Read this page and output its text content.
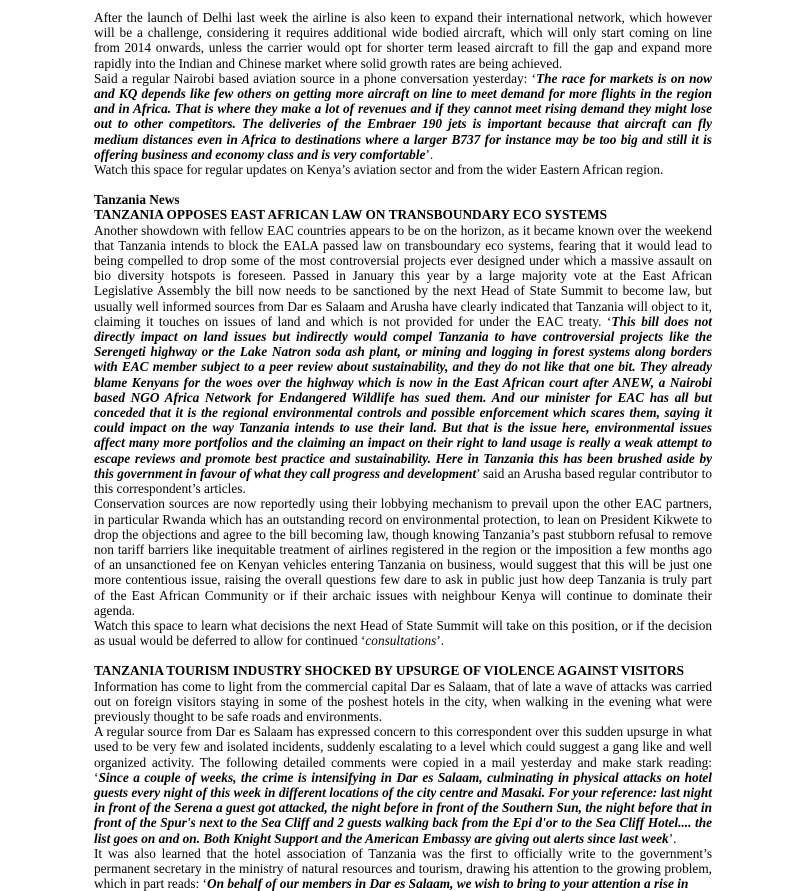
After the launch of Delhi last week the airline is also keen to expand their international network, which however will be a challenge, considering it requires additional wide bodied aircraft, which will only start coming on line from 2014 onwards, unless the carrier would opt for shorter term leased aircraft to fill the gap and expand more rapidly into the Indian and Chinese market where solid growth rates are being achieved.

Said a regular Nairobi based aviation source in a phone conversation yesterday: ‘The race for markets is on now and KQ depends like few others on getting more aircraft on line to meet demand for more flights in the region and in Africa. That is where they make a lot of revenues and if they cannot meet rising demand they might lose out to other competitors. The deliveries of the Embraer 190 jets is important because that aircraft can fly medium distances even in Africa to destinations where a larger B737 for instance may be too big and still it is offering business and economy class and is very comfortable’.

Watch this space for regular updates on Kenya’s aviation sector and from the wider Eastern African region.

Tanzania News

TANZANIA OPPOSES EAST AFRICAN LAW ON TRANSBOUNDARY ECO SYSTEMS

Another showdown with fellow EAC countries appears to be on the horizon, as it became known over the weekend that Tanzania intends to block the EALA passed law on transboundary eco systems, fearing that it would lead to being compelled to drop some of the most controversial projects ever designed under which a massive assault on bio diversity hotspots is foreseen. Passed in January this year by a large majority vote at the East African Legislative Assembly the bill now needs to be sanctioned by the next Head of State Summit to become law, but usually well informed sources from Dar es Salaam and Arusha have clearly indicated that Tanzania will object to it, claiming it touches on issues of land and which is not provided for under the EAC treaty. ‘This bill does not directly impact on land issues but indirectly would compel Tanzania to have controversial projects like the Serengeti highway or the Lake Natron soda ash plant, or mining and logging in forest systems along borders with EAC member subject to a peer review about sustainability, and they do not like that one bit. They already blame Kenyans for the woes over the highway which is now in the East African court after ANEW, a Nairobi based NGO Africa Network for Endangered Wildlife has sued them. And our minister for EAC has all but conceded that it is the regional environmental controls and possible enforcement which scares them, saying it could impact on the way Tanzania intends to use their land. But that is the issue here, environmental issues affect many more portfolios and the claiming an impact on their right to land usage is really a weak attempt to escape reviews and promote best practice and sustainability. Here in Tanzania this has been brushed aside by this government in favour of what they call progress and development’ said an Arusha based regular contributor to this correspondent’s articles.

Conservation sources are now reportedly using their lobbying mechanism to prevail upon the other EAC partners, in particular Rwanda which has an outstanding record on environmental protection, to lean on President Kikwete to drop the objections and agree to the bill becoming law, though knowing Tanzania’s past stubborn refusal to remove non tariff barriers like inequitable treatment of airlines registered in the region or the imposition a few months ago of an unsanctioned fee on Kenyan vehicles entering Tanzania on business, would suggest that this will be just one more contentious issue, raising the overall questions few dare to ask in public just how deep Tanzania is truly part of the East African Community or if their archaic issues with neighbour Kenya will continue to dominate their agenda.

Watch this space to learn what decisions the next Head of State Summit will take on this position, or if the decision as usual would be deferred to allow for continued ‘consultations’.

TANZANIA TOURISM INDUSTRY SHOCKED BY UPSURGE OF VIOLENCE AGAINST VISITORS

Information has come to light from the commercial capital Dar es Salaam, that of late a wave of attacks was carried out on foreign visitors staying in some of the poshest hotels in the city, when walking in the evening what were previously thought to be safe roads and environments.

A regular source from Dar es Salaam has expressed concern to this correspondent over this sudden upsurge in what used to be very few and isolated incidents, suddenly escalating to a level which could suggest a gang like and well organized activity. The following detailed comments were copied in a mail yesterday and make stark reading: ‘Since a couple of weeks, the crime is intensifying in Dar es Salaam, culminating in physical attacks on hotel guests every night of this week in different locations of the city centre and Masaki. For your reference: last night in front of the Serena a guest got attacked, the night before in front of the Southern Sun, the night before that in front of the Spur's next to the Sea Cliff and 2 guests walking back from the Epi d'or to the Sea Cliff Hotel.... the list goes on and on. Both Knight Support and the American Embassy are giving out alerts since last week’.

It was also learned that the hotel association of Tanzania was the first to officially write to the government’s permanent secretary in the ministry of natural resources and tourism, drawing his attention to the growing problem, which in part reads: ‘On behalf of our members in Dar es Salaam, we wish to bring to your attention a rise in
